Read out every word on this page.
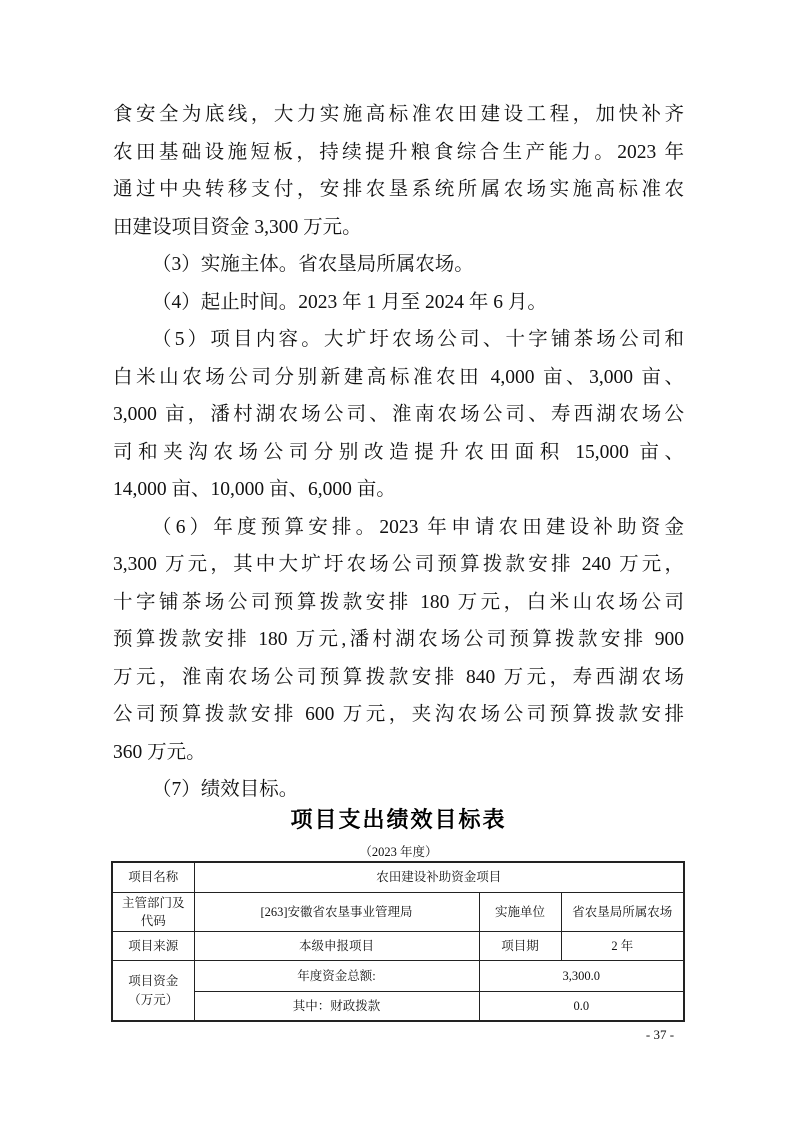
食安全为底线，大力实施高标准农田建设工程，加快补齐
农田基础设施短板，持续提升粮食综合生产能力。2023 年
通过中央转移支付，安排农垦系统所属农场实施高标准农
田建设项目资金 3,300 万元。
（3）实施主体。省农垦局所属农场。
（4）起止时间。2023 年 1 月至 2024 年 6 月。
（5）项目内容。大圹圩农场公司、十字铺茶场公司和
白米山农场公司分别新建高标准农田 4,000 亩、3,000 亩、
3,000 亩，潘村湖农场公司、淮南农场公司、寿西湖农场公
司和夹沟农场公司分别改造提升农田面积 15,000 亩、
14,000 亩、10,000 亩、6,000 亩。
（6）年度预算安排。2023 年申请农田建设补助资金
3,300 万元，其中大圹圩农场公司预算拨款安排 240 万元，
十字铺茶场公司预算拨款安排 180 万元，白米山农场公司
预算拨款安排 180 万元,潘村湖农场公司预算拨款安排 900
万元，淮南农场公司预算拨款安排 840 万元，寿西湖农场
公司预算拨款安排 600 万元，夹沟农场公司预算拨款安排
360 万元。
（7）绩效目标。
项目支出绩效目标表
（2023 年度）
项目名称	农田建设补助资金项目		
主管部门及代码	[263]安徽省农垦事业管理局	实施单位	省农垦局所属农场
项目来源	本级申报项目	项目期	2 年
项目资金（万元）	年度资金总额:	3,300.0	
	其中：财政拨款	0.0	
- 37 -
